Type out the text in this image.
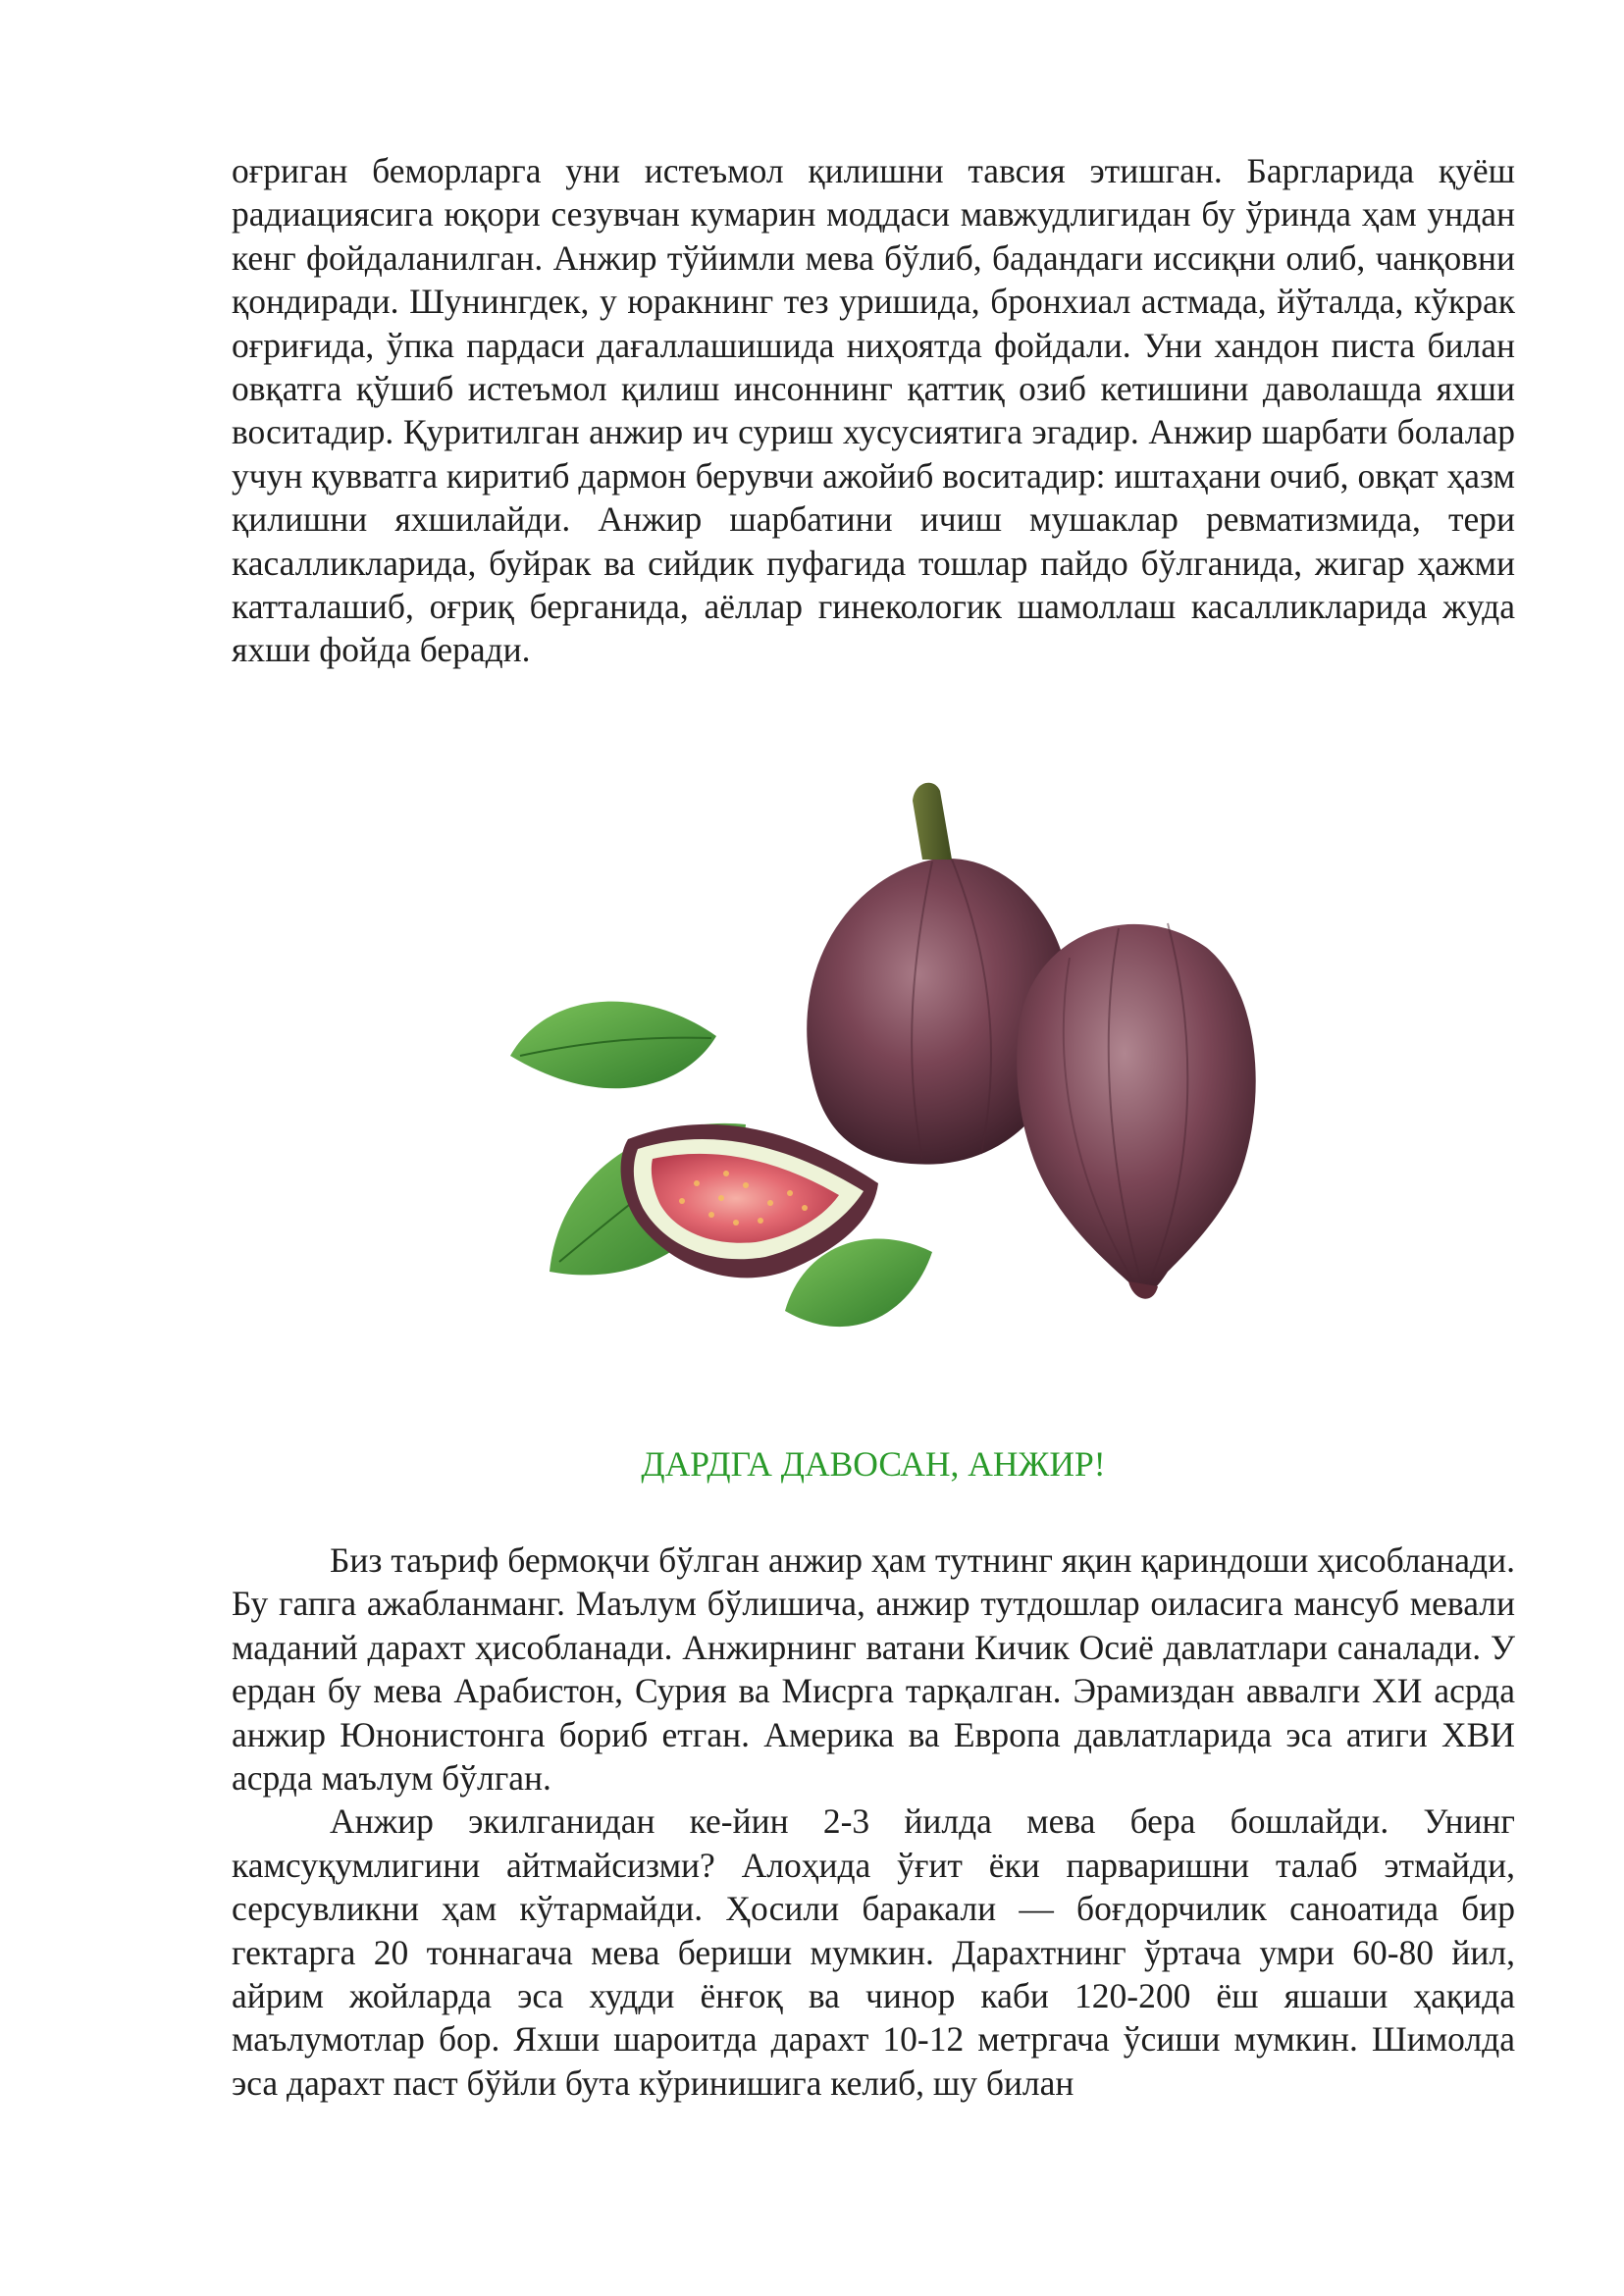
оғриган беморларга уни истеъмол қилишни тавсия этишган. Баргларида қуёш радиациясига юқори сезувчан кумарин моддаси мавжудлигидан бу ўринда ҳам ундан кенг фойдаланилган. Анжир тўйимли мева бўлиб, бадандаги иссиқни олиб, чанқовни қондиради. Шунингдек, у юракнинг тез уришида, бронхиал астмада, йўталда, кўкрак оғриғида, ўпка пардаси дағаллашишида ниҳоятда фойдали. Уни хандон писта билан овқатга қўшиб истеъмол қилиш инсоннинг қаттиқ озиб кетишини даволашда яхши воситадир. Қуритилган анжир ич суриш хусусиятига эгадир. Анжир шарбати болалар учун қувватга киритиб дармон берувчи ажойиб воситадир: иштаҳани очиб, овқат ҳазм қилишни яхшилайди. Анжир шарбатини ичиш мушаклар ревматизмида, тери касалликларида, буйрак ва сийдик пуфагида тошлар пайдо бўлганида, жигар ҳажми катталашиб, оғриқ берганида, аёллар гинекологик шамоллаш касалликларида жуда яхши фойда беради.

ДАРДГА ДАВОСАН, АНЖИР!

Биз таъриф бермоқчи бўлган анжир ҳам тутнинг яқин қариндоши ҳисобланади. Бу гапга ажабланманг. Маълум бўлишича, анжир тутдошлар оиласига мансуб мевали маданий дарахт ҳисобланади. Анжирнинг ватани Кичик Осиё давлатлари саналади. У ердан бу мева Арабистон, Сурия ва Мисрга тарқалган. Эрамиздан аввалги ХИ асрда анжир Юнонистонга бориб етган. Америка ва Европа давлатларида эса атиги ХВИ асрда маълум бўлган.

Анжир экилганидан ке-йин 2-3 йилда мева бера бошлайди. Унинг камсуқумлигини айтмайсизми? Алоҳида ўғит ёки парваришни талаб этмайди, серсувликни ҳам кўтармайди. Ҳосили баракали — боғдорчилик саноатида бир гектарга 20 тоннагача мева бериши мумкин. Дарахтнинг ўртача умри 60-80 йил, айрим жойларда эса худди ёнғоқ ва чинор каби 120-200 ёш яшаши ҳақида маълумотлар бор. Яхши шароитда дарахт 10-12 метргача ўсиши мумкин. Шимолда эса дарахт паст бўйли бута кўринишига келиб, шу билан
